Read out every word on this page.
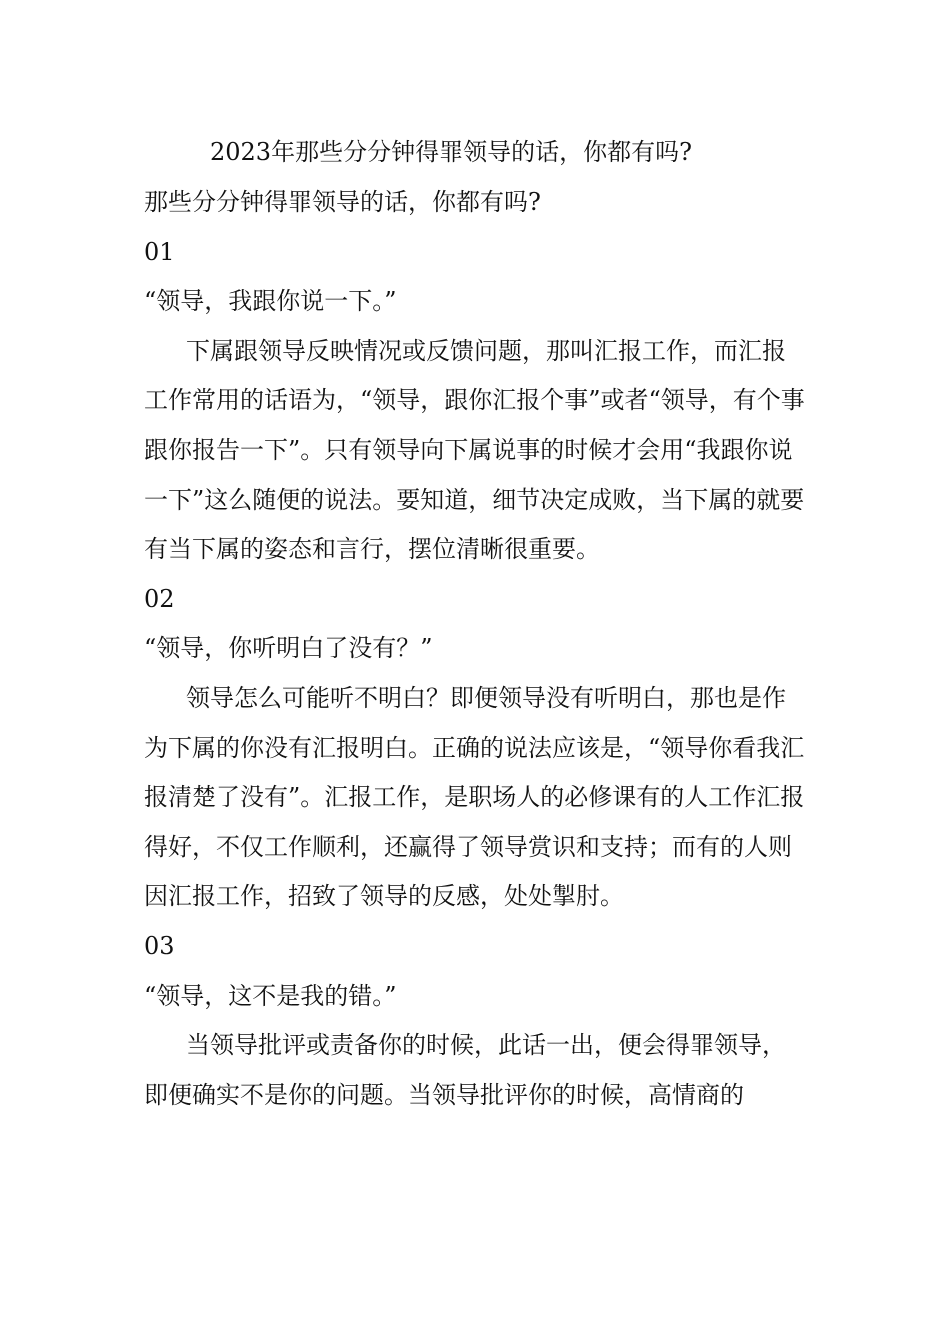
2023年那些分分钟得罪领导的话，你都有吗?

那些分分钟得罪领导的话，你都有吗?

01

“领导，我跟你说一下。”

下属跟领导反映情况或反馈问题，那叫汇报工作，而汇报工作常用的话语为，“领导，跟你汇报个事”或者“领导，有个事跟你报告一下”。只有领导向下属说事的时候才会用“我跟你说一下”这么随便的说法。要知道，细节决定成败，当下属的就要有当下属的姿态和言行，摆位清晰很重要。

02

“领导，你听明白了没有？”

领导怎么可能听不明白？即便领导没有听明白，那也是作为下属的你没有汇报明白。正确的说法应该是，“领导你看我汇报清楚了没有”。汇报工作，是职场人的必修课有的人工作汇报得好，不仅工作顺利，还赢得了领导赏识和支持；而有的人则因汇报工作，招致了领导的反感，处处掣肘。

03

“领导，这不是我的错。”

当领导批评或责备你的时候，此话一出，便会得罪领导，即便确实不是你的问题。当领导批评你的时候，高情商的
